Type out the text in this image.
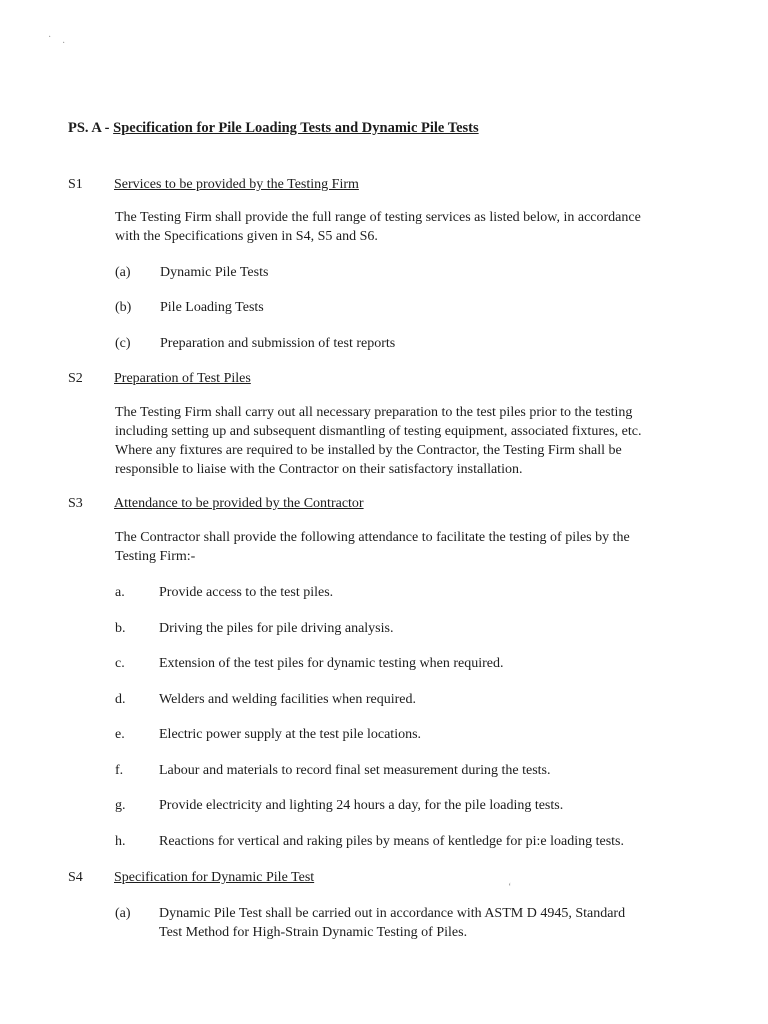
PS. A - Specification for Pile Loading Tests and Dynamic Pile Tests
S1 Services to be provided by the Testing Firm
The Testing Firm shall provide the full range of testing services as listed below, in accordance
with the Specifications given in S4, S5 and S6.
(a) Dynamic Pile Tests
(b) Pile Loading Tests
(c) Preparation and submission of test reports
S2 Preparation of Test Piles
The Testing Firm shall carry out all necessary preparation to the test piles prior to the testing
including setting up and subsequent dismantling of testing equipment, associated fixtures, etc.
Where any fixtures are required to be installed by the Contractor, the Testing Firm shall be
responsible to liaise with the Contractor on their satisfactory installation.
S3 Attendance to be provided by the Contractor
The Contractor shall provide the following attendance to facilitate the testing of piles by the
Testing Firm:-
a. Provide access to the test piles.
b. Driving the piles for pile driving analysis.
c. Extension of the test piles for dynamic testing when required.
d. Welders and welding facilities when required.
e. Electric power supply at the test pile locations.
f.	Labour and materials to record final set measurement during the tests.
g. Provide electricity and lighting 24 hours a day, for the pile loading tests.
h. Reactions for vertical and raking piles by means of kentledge for pi:e loading tests.
S4 Specification for Dynamic Pile Test
(a) Dynamic Pile Test shall be carried out in accordance with ASTM D 4945, Standard
Test Method for High-Strain Dynamic Testing of Piles.
·
·
ʻ
